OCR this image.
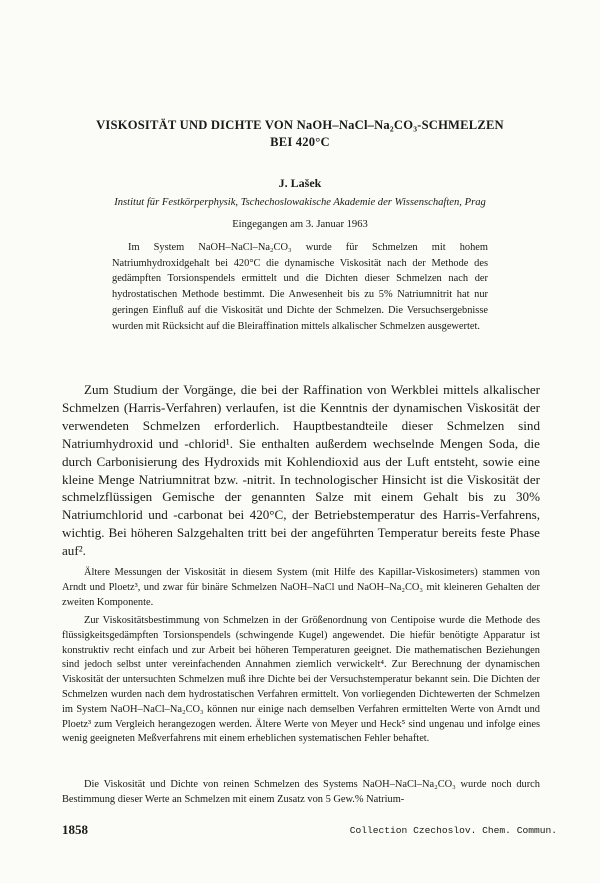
VISKOSITÄT UND DICHTE VON NaOH–NaCl–Na₂CO₃-SCHMELZEN
BEI 420°C
J. Lašek
Institut für Festkörperphysik, Tschechoslowakische Akademie der Wissenschaften, Prag
Eingegangen am 3. Januar 1963

Im System NaOH–NaCl–Na₂CO₃ wurde für Schmelzen mit hohem Natriumhydroxidgehalt bei 420°C die dynamische Viskosität nach der Methode des gedämpften Torsionspendels ermittelt und die Dichten dieser Schmelzen nach der hydrostatischen Methode bestimmt. Die Anwesenheit bis zu 5% Natriumnitrit hat nur geringen Einfluß auf die Viskosität und Dichte der Schmelzen. Die Versuchsergebnisse wurden mit Rücksicht auf die Bleiraffination mittels alkalischer Schmelzen ausgewertet.

Zum Studium der Vorgänge, die bei der Raffination von Werkblei mittels alkalischer Schmelzen (Harris-Verfahren) verlaufen, ist die Kenntnis der dynamischen Viskosität der verwendeten Schmelzen erforderlich. Hauptbestandteile dieser Schmelzen sind Natriumhydroxid und -chlorid¹. Sie enthalten außerdem wechselnde Mengen Soda, die durch Carbonisierung des Hydroxids mit Kohlendioxid aus der Luft entsteht, sowie eine kleine Menge Natriumnitrat bzw. -nitrit. In technologischer Hinsicht ist die Viskosität der schmelzflüssigen Gemische der genannten Salze mit einem Gehalt bis zu 30% Natriumchlorid und -carbonat bei 420°C, der Betriebstemperatur des Harris-Verfahrens, wichtig. Bei höheren Salzgehalten tritt bei der angeführten Temperatur bereits feste Phase auf².

Ältere Messungen der Viskosität in diesem System (mit Hilfe des Kapillar-Viskosimeters) stammen von Arndt und Ploetz³, und zwar für binäre Schmelzen NaOH–NaCl und NaOH–Na₂CO₃ mit kleineren Gehalten der zweiten Komponente.

Zur Viskositätsbestimmung von Schmelzen in der Größenordnung von Centipoise wurde die Methode des flüssigkeitsgedämpften Torsionspendels (schwingende Kugel) angewendet. Die hiefür benötigte Apparatur ist konstruktiv recht einfach und zur Arbeit bei höheren Temperaturen geeignet. Die mathematischen Beziehungen sind jedoch selbst unter vereinfachenden Annahmen ziemlich verwickelt⁴. Zur Berechnung der dynamischen Viskosität der untersuchten Schmelzen muß ihre Dichte bei der Versuchstemperatur bekannt sein. Die Dichten der Schmelzen wurden nach dem hydrostatischen Verfahren ermittelt. Von vorliegenden Dichtewerten der Schmelzen im System NaOH–NaCl–Na₂CO₃ können nur einige nach demselben Verfahren ermittelten Werte von Arndt und Ploetz³ zum Vergleich herangezogen werden. Ältere Werte von Meyer und Heck⁵ sind ungenau und infolge eines wenig geeigneten Meßverfahrens mit einem erheblichen systematischen Fehler behaftet.

Die Viskosität und Dichte von reinen Schmelzen des Systems NaOH–NaCl–Na₂CO₃ wurde noch durch Bestimmung dieser Werte an Schmelzen mit einem Zusatz von 5 Gew.% Natrium-

1858	Collection Czechoslov. Chem. Commun.
